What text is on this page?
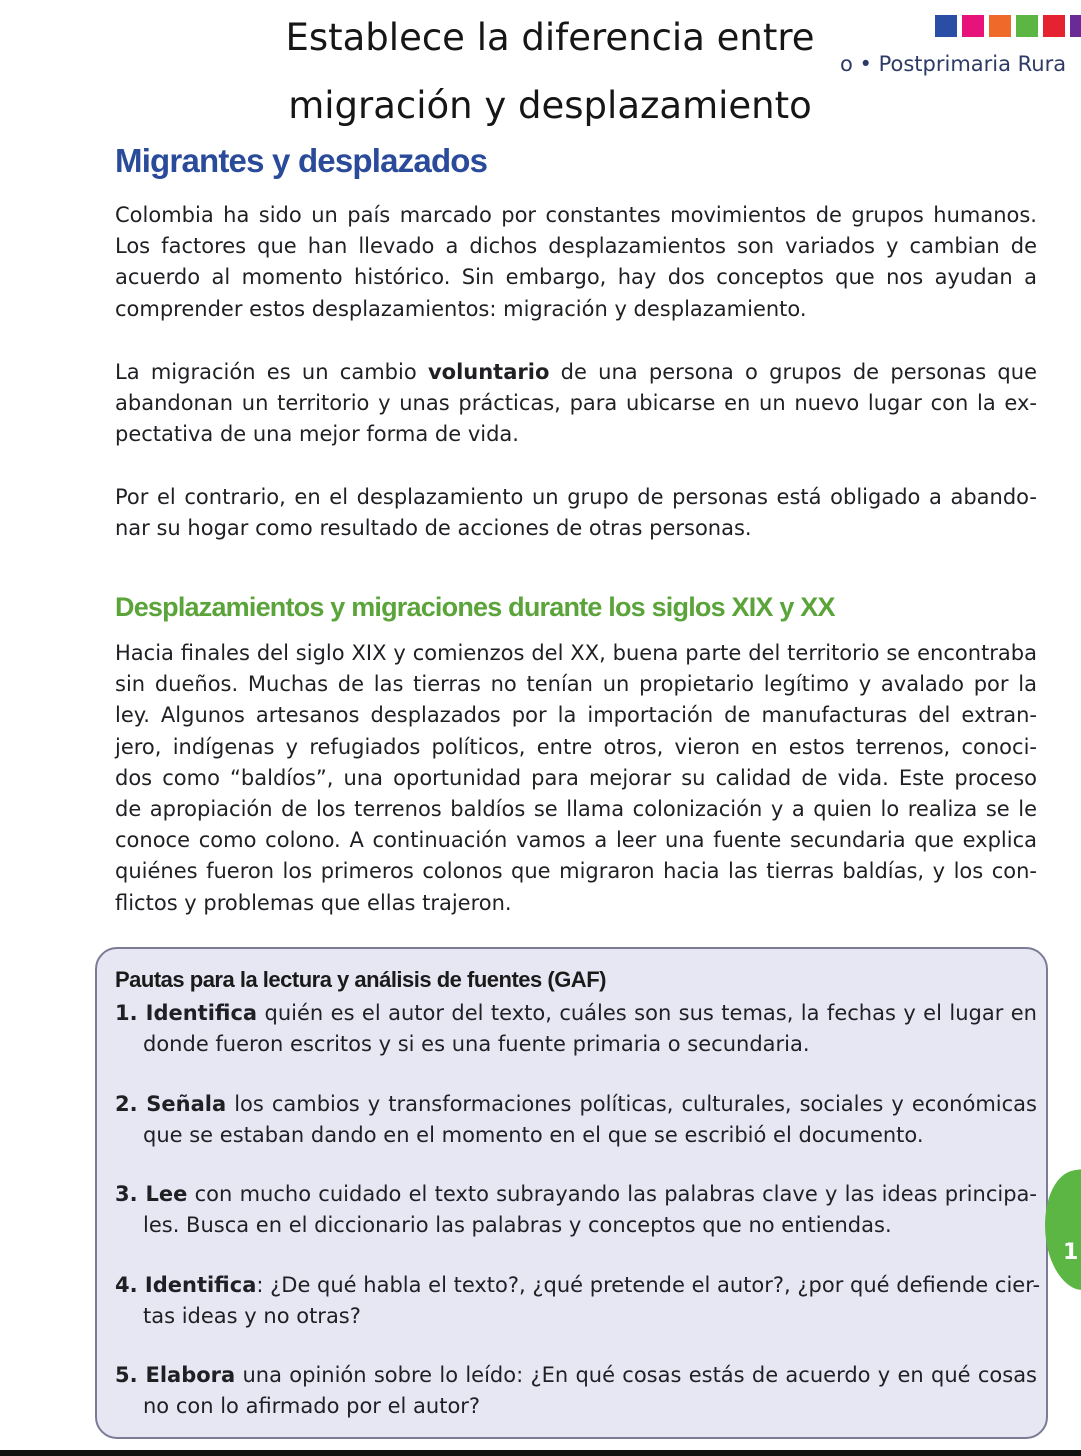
Establece la diferencia entre
migración y desplazamiento
o • Postprimaria Rura
Migrantes y desplazados
Colombia ha sido un país marcado por constantes movimientos de grupos humanos.
Los factores que han llevado a dichos desplazamientos son variados y cambian de
acuerdo al momento histórico. Sin embargo, hay dos conceptos que nos ayudan a
comprender estos desplazamientos: migración y desplazamiento.
La migración es un cambio voluntario de una persona o grupos de personas que
abandonan un territorio y unas prácticas, para ubicarse en un nuevo lugar con la ex-
pectativa de una mejor forma de vida.
Por el contrario, en el desplazamiento un grupo de personas está obligado a abando-
nar su hogar como resultado de acciones de otras personas.
Desplazamientos y migraciones durante los siglos XIX y XX
Hacia finales del siglo XIX y comienzos del XX, buena parte del territorio se encontraba
sin dueños. Muchas de las tierras no tenían un propietario legítimo y avalado por la
ley. Algunos artesanos desplazados por la importación de manufacturas del extran-
jero, indígenas y refugiados políticos, entre otros, vieron en estos terrenos, conoci-
dos como “baldíos”, una oportunidad para mejorar su calidad de vida. Este proceso
de apropiación de los terrenos baldíos se llama colonización y a quien lo realiza se le
conoce como colono. A continuación vamos a leer una fuente secundaria que explica
quiénes fueron los primeros colonos que migraron hacia las tierras baldías, y los con-
flictos y problemas que ellas trajeron.
Pautas para la lectura y análisis de fuentes (GAF)
1. Identifica quién es el autor del texto, cuáles son sus temas, la fechas y el lugar en
donde fueron escritos y si es una fuente primaria o secundaria.
2. Señala los cambios y transformaciones políticas, culturales, sociales y económicas
que se estaban dando en el momento en el que se escribió el documento.
3. Lee con mucho cuidado el texto subrayando las palabras clave y las ideas principa-
les. Busca en el diccionario las palabras y conceptos que no entiendas.
4. Identifica: ¿De qué habla el texto?, ¿qué pretende el autor?, ¿por qué defiende cier-
tas ideas y no otras?
5. Elabora una opinión sobre lo leído: ¿En qué cosas estás de acuerdo y en qué cosas
no con lo afirmado por el autor?
1
